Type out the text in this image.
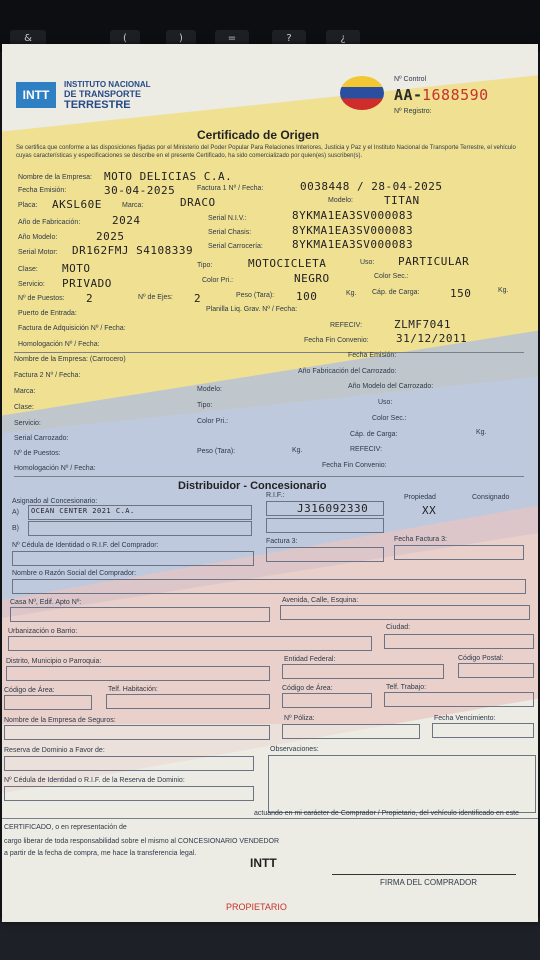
&	(	)	=	?	¿
INTT
INSTITUTO NACIONAL
DE TRANSPORTE
TERRESTRE
Nº Control
AA- 1688590
Nº Registro:
Certificado de Origen
Se certifica que conforme a las disposiciones fijadas por el Ministerio del Poder Popular Para Relaciones Interiores, Justicia y Paz y el Instituto Nacional de Transporte Terrestre, el vehículo cuyas características y especificaciones se describe en el presente Certificado, ha sido comercializado por quien(es) suscriben(s).
Nombre de la Empresa: MOTO DELICIAS C.A.
Fecha Emisión:	30-04-2025	Factura 1 Nº / Fecha:	0038448 / 28-04-2025
Placa: AKSL60E	Marca:	DRACO	Modelo:	TITAN
Año de Fabricación:	2024	Serial N.I.V.:	8YKMA1EA3SV000083
Año Modelo:	2025	Serial Chasis:	8YKMA1EA3SV000083
Serial Motor: DR162FMJ S4108339 Serial Carrocería:	8YKMA1EA3SV000083
Clase: MOTO	Tipo:	MOTOCICLETA	Uso: PARTICULAR
Servicio: PRIVADO	Color Pri.:	NEGRO	Color Sec.:
Nº de Puestos: 2	Nº de Ejes: 2	Peso (Tara): 100	Kg. Cáp. de Carga:	150	Kg.
Puerto de Entrada:
Planilla Liq. Grav. Nº / Fecha:
Factura de Adquisición Nº / Fecha:	REFECIV:	ZLMF7041
Homologación Nº / Fecha:
Fecha Fin Convenio: 31/12/2011
Nombre de la Empresa: (Carrocero)
Fecha Emisión:
Factura 2 Nº / Fecha:
Año Fabricación del Carrozado:
Marca:	Modelo:	Año Modelo del Carrozado:
Clase:	Tipo:	Uso:
Servicio:	Color Pri.:	Color Sec.:
Serial Carrozado:
Cáp. de Carga:	Kg.
Nº de Puestos:	Peso (Tara):	Kg.	REFECIV:
Homologación Nº / Fecha:	Fecha Fin Convenio:
Distribuidor - Concesionario
Asignado al Concesionario:
R.I.F.:	Propiedad	Consignado
A) OCEAN CENTER 2021 C.A.	J316092330	XX
B)
Nº Cédula de Identidad o R.I.F. del Comprador:
Factura 3:	Fecha Factura 3:
Nombre o Razón Social del Comprador:
Casa Nº, Edif. Apto Nº:	Avenida, Calle, Esquina:
Urbanización o Barrio:
Ciudad:
Distrito, Municipio o Parroquia:	Entidad Federal:	Código Postal:
Código de Área:	Telf. Habitación:	Código de Área:	Telf. Trabajo:
Nombre de la Empresa de Seguros:	Nº Póliza:	Fecha Vencimiento:
Reserva de Dominio a Favor de:	Observaciones:
Nº Cédula de Identidad o R.I.F. de la Reserva de Dominio:
actuando en mi carácter de Comprador / Propietario, del vehículo identificado en este
CERTIFICADO, o en representación de
cargo liberar de toda responsabilidad sobre el mismo al CONCESIONARIO VENDEDOR
a partir de la fecha de compra, me hace la transferencia legal.
INTT
FIRMA DEL COMPRADOR
PROPIETARIO
